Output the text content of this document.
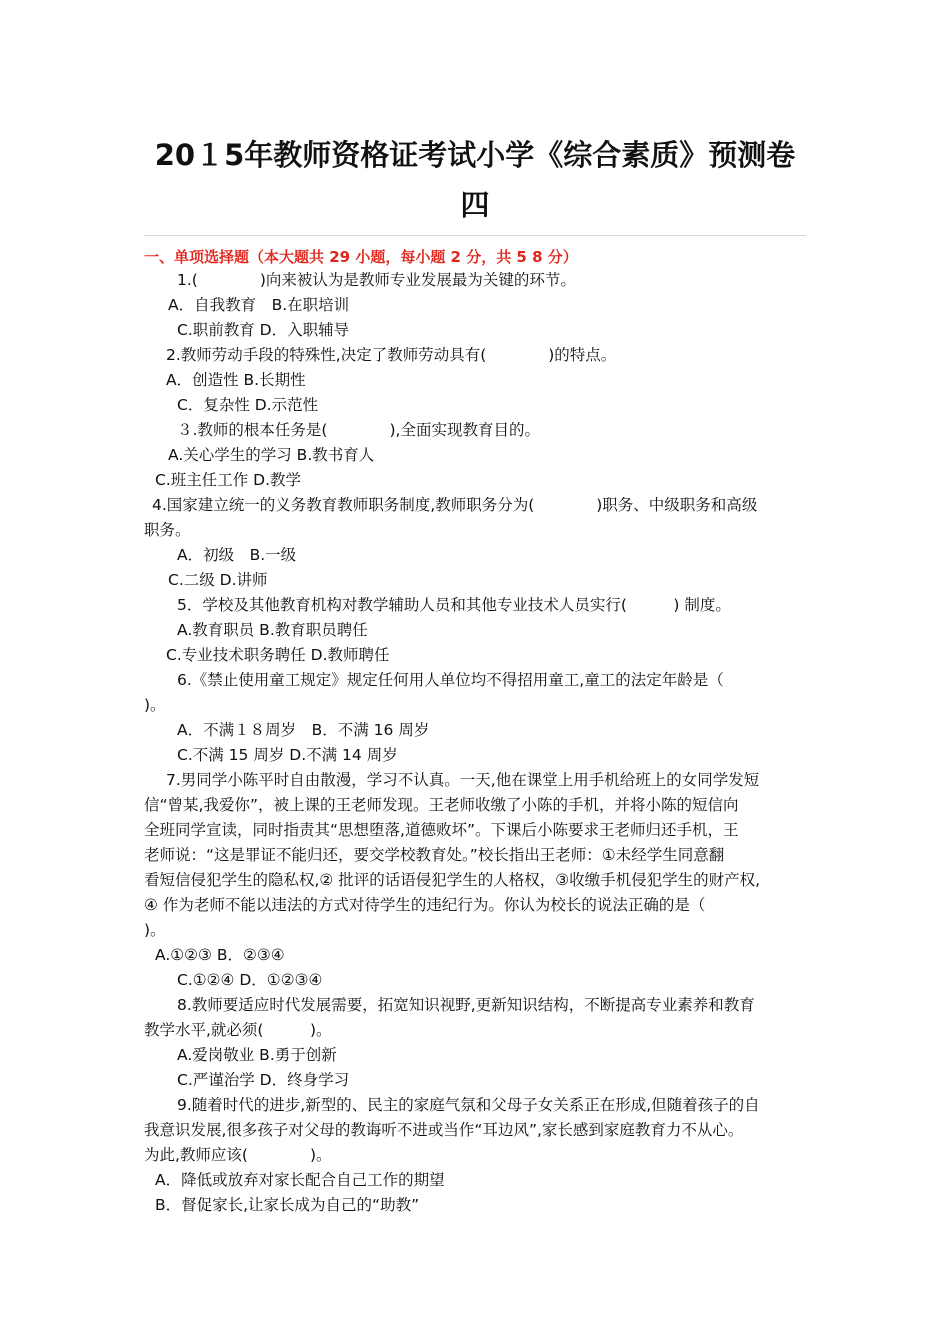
20１5年教师资格证考试小学《综合素质》预测卷
四
一、单项选择题（本大题共 29 小题，每小题 2 分，共 5 8 分）
1.(　　　　)向来被认为是教师专业发展最为关键的环节。
A．自我教育　B.在职培训
C.职前教育 D．入职辅导
2.教师劳动手段的特殊性,决定了教师劳动具有(　　　　)的特点。
A．创造性 B.长期性
C．复杂性 D.示范性
３.教师的根本任务是(　　　　),全面实现教育目的。
A.关心学生的学习 B.教书育人
C.班主任工作 D.教学
4.国家建立统一的义务教育教师职务制度,教师职务分为(　　　　)职务、中级职务和高级
职务。
A．初级　B.一级
C.二级 D.讲师
5．学校及其他教育机构对教学辅助人员和其他专业技术人员实行(　　　) 制度。
A.教育职员 B.教育职员聘任
C.专业技术职务聘任 D.教师聘任
6.《禁止使用童工规定》规定任何用人单位均不得招用童工,童工的法定年龄是（
)。
A．不满１８周岁　B．不满 16 周岁
C.不满 15 周岁 D.不满 14 周岁
7.男同学小陈平时自由散漫，学习不认真。一天,他在课堂上用手机给班上的女同学发短
信“曾某,我爱你”，被上课的王老师发现。王老师收缴了小陈的手机，并将小陈的短信向
全班同学宣读，同时指责其“思想堕落,道德败坏”。下课后小陈要求王老师归还手机，王
老师说：“这是罪证不能归还，要交学校教育处。”校长指出王老师：①未经学生同意翻
看短信侵犯学生的隐私权,② 批评的话语侵犯学生的人格权，③收缴手机侵犯学生的财产权,
④ 作为老师不能以违法的方式对待学生的违纪行为。你认为校长的说法正确的是（
)。
A.①②③ B．②③④
C.①②④ D．①②③④
8.教师要适应时代发展需要，拓宽知识视野,更新知识结构，不断提高专业素养和教育
教学水平,就必须(　　　)。
A.爱岗敬业 B.勇于创新
C.严谨治学 D．终身学习
9.随着时代的进步,新型的、民主的家庭气氛和父母子女关系正在形成,但随着孩子的自
我意识发展,很多孩子对父母的教诲听不进或当作“耳边风”,家长感到家庭教育力不从心。
为此,教师应该(　　　　)。
A．降低或放弃对家长配合自己工作的期望
B．督促家长,让家长成为自己的“助教”
